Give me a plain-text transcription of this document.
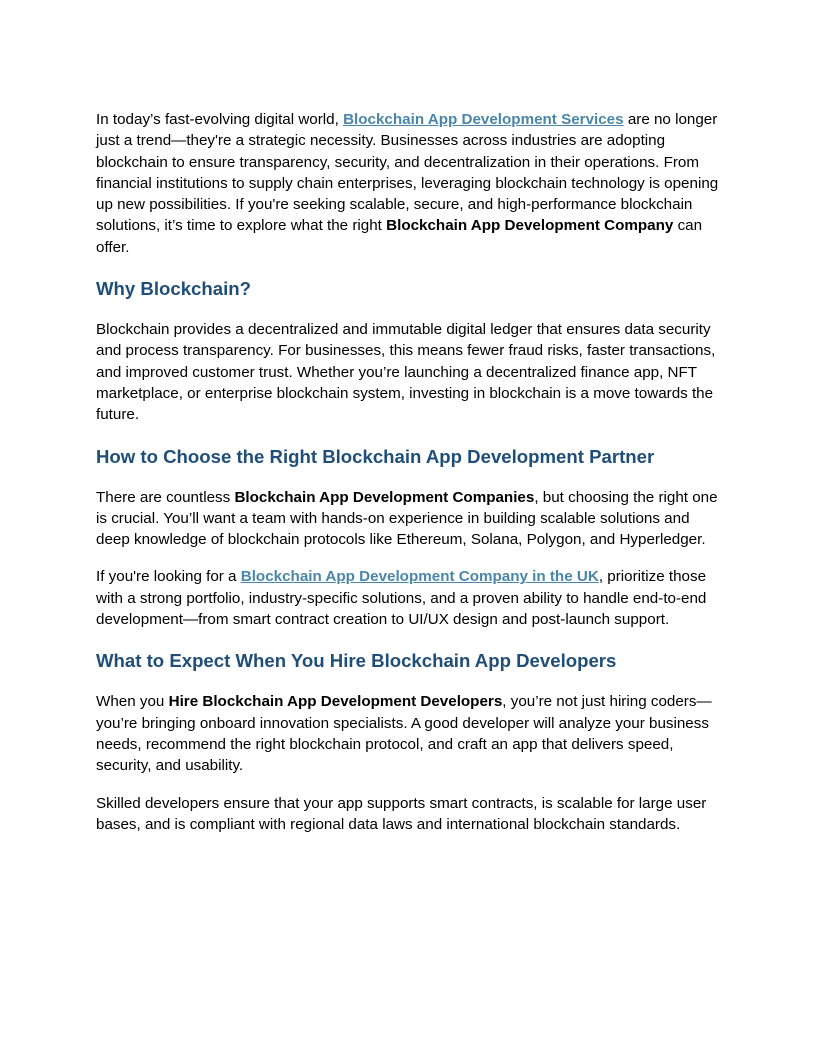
In today’s fast-evolving digital world, Blockchain App Development Services are no longer just a trend—they're a strategic necessity. Businesses across industries are adopting blockchain to ensure transparency, security, and decentralization in their operations. From financial institutions to supply chain enterprises, leveraging blockchain technology is opening up new possibilities. If you're seeking scalable, secure, and high-performance blockchain solutions, it’s time to explore what the right Blockchain App Development Company can offer.

Why Blockchain?

Blockchain provides a decentralized and immutable digital ledger that ensures data security and process transparency. For businesses, this means fewer fraud risks, faster transactions, and improved customer trust. Whether you’re launching a decentralized finance app, NFT marketplace, or enterprise blockchain system, investing in blockchain is a move towards the future.

How to Choose the Right Blockchain App Development Partner

There are countless Blockchain App Development Companies, but choosing the right one is crucial. You’ll want a team with hands-on experience in building scalable solutions and deep knowledge of blockchain protocols like Ethereum, Solana, Polygon, and Hyperledger.

If you're looking for a Blockchain App Development Company in the UK, prioritize those with a strong portfolio, industry-specific solutions, and a proven ability to handle end-to-end development—from smart contract creation to UI/UX design and post-launch support.

What to Expect When You Hire Blockchain App Developers

When you Hire Blockchain App Development Developers, you’re not just hiring coders—you’re bringing onboard innovation specialists. A good developer will analyze your business needs, recommend the right blockchain protocol, and craft an app that delivers speed, security, and usability.

Skilled developers ensure that your app supports smart contracts, is scalable for large user bases, and is compliant with regional data laws and international blockchain standards.
